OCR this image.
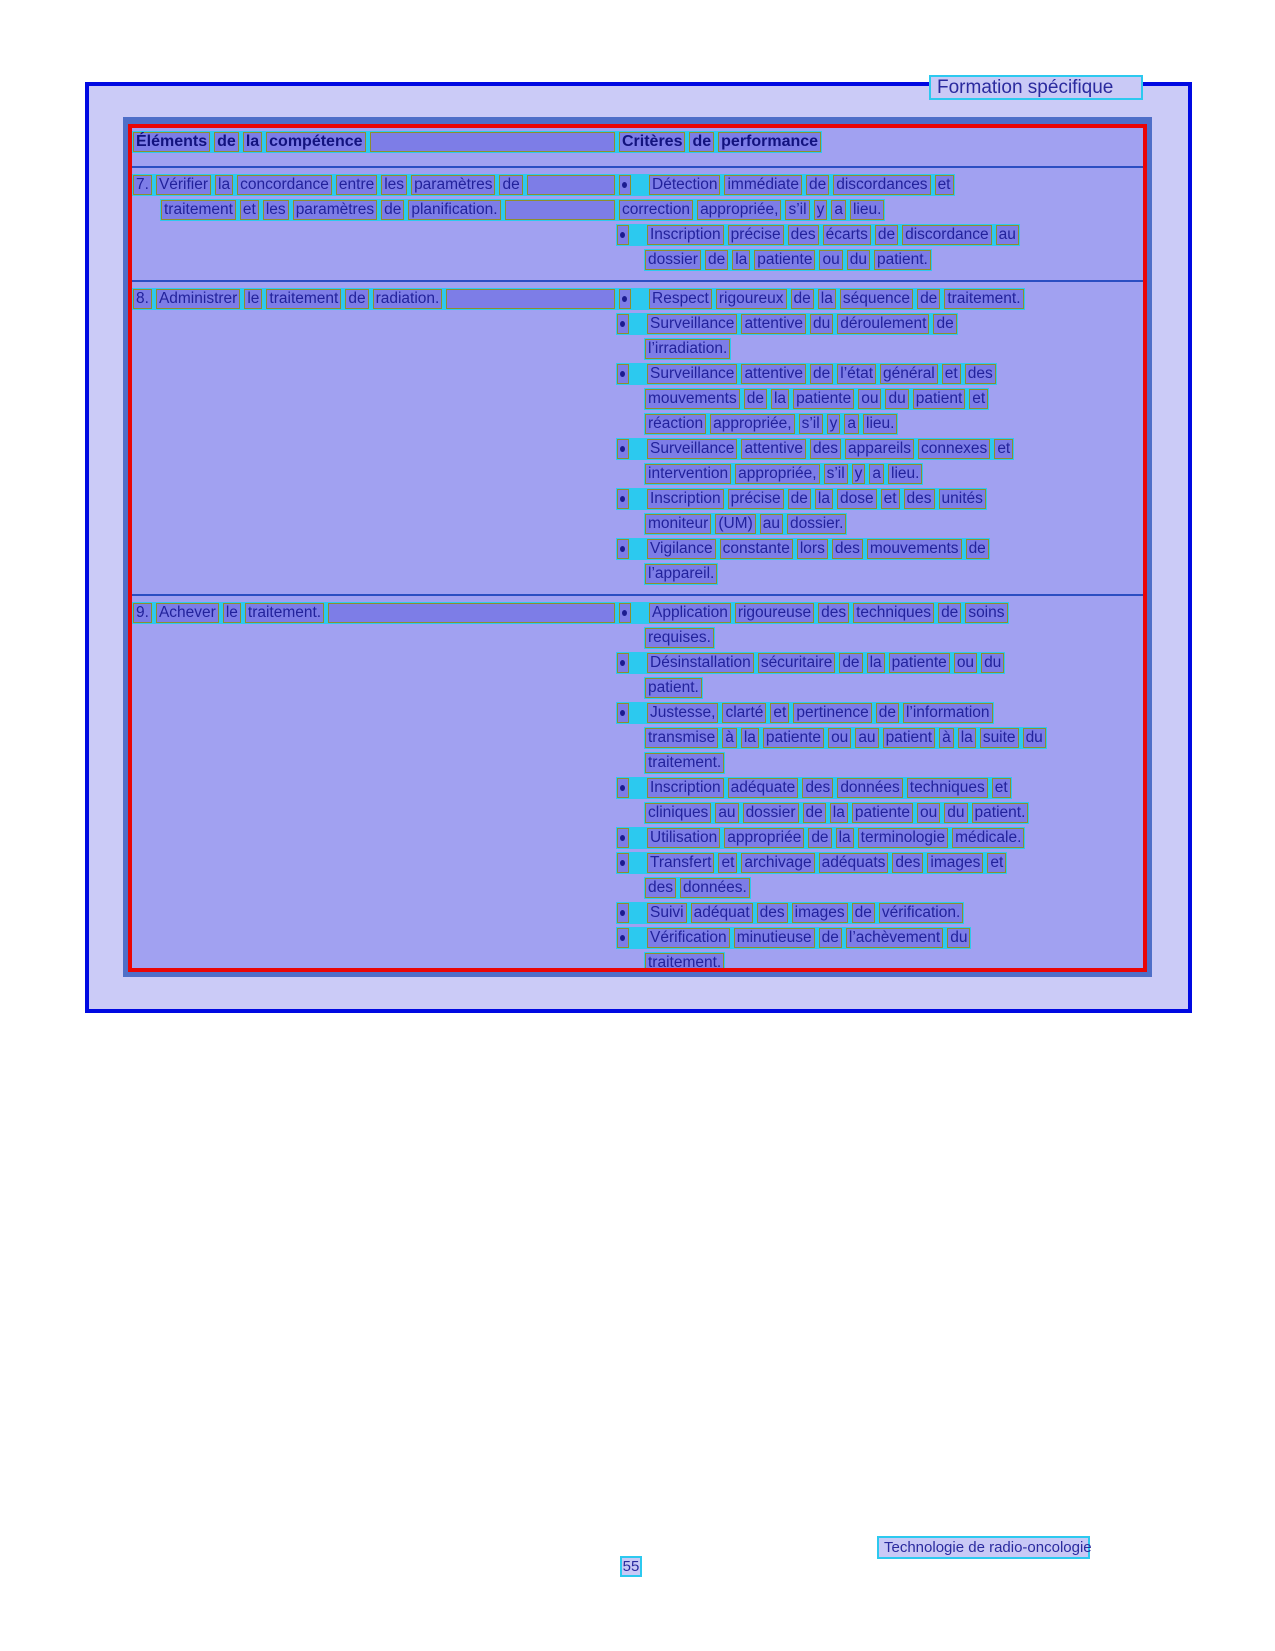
Formation spécifique
Éléments de la compétence	Critères de performance
7. Vérifier la concordance entre les paramètres de	Détection immédiate de discordances et
traitement et les paramètres de planification.	correction appropriée, s’il y a lieu.
Inscription précise des écarts de discordance au
dossier de la patiente ou du patient.
8. Administrer le traitement de radiation.	Respect rigoureux de la séquence de traitement.
Surveillance attentive du déroulement de
l’irradiation.
Surveillance attentive de l’état général et des
mouvements de la patiente ou du patient et
réaction appropriée, s’il y a lieu.
Surveillance attentive des appareils connexes et
intervention appropriée, s’il y a lieu.
Inscription précise de la dose et des unités
moniteur (UM) au dossier.
Vigilance constante lors des mouvements de
l’appareil.
9. Achever le traitement.	Application rigoureuse des techniques de soins
requises.
Désinstallation sécuritaire de la patiente ou du
patient.
Justesse, clarté et pertinence de l’information
transmise à la patiente ou au patient à la suite du
traitement.
Inscription adéquate des données techniques et
cliniques au dossier de la patiente ou du patient.
Utilisation appropriée de la terminologie médicale.
Transfert et archivage adéquats des images et
des données.
Suivi adéquat des images de vérification.
Vérification minutieuse de l’achèvement du
traitement.
Technologie de radio-oncologie
55
